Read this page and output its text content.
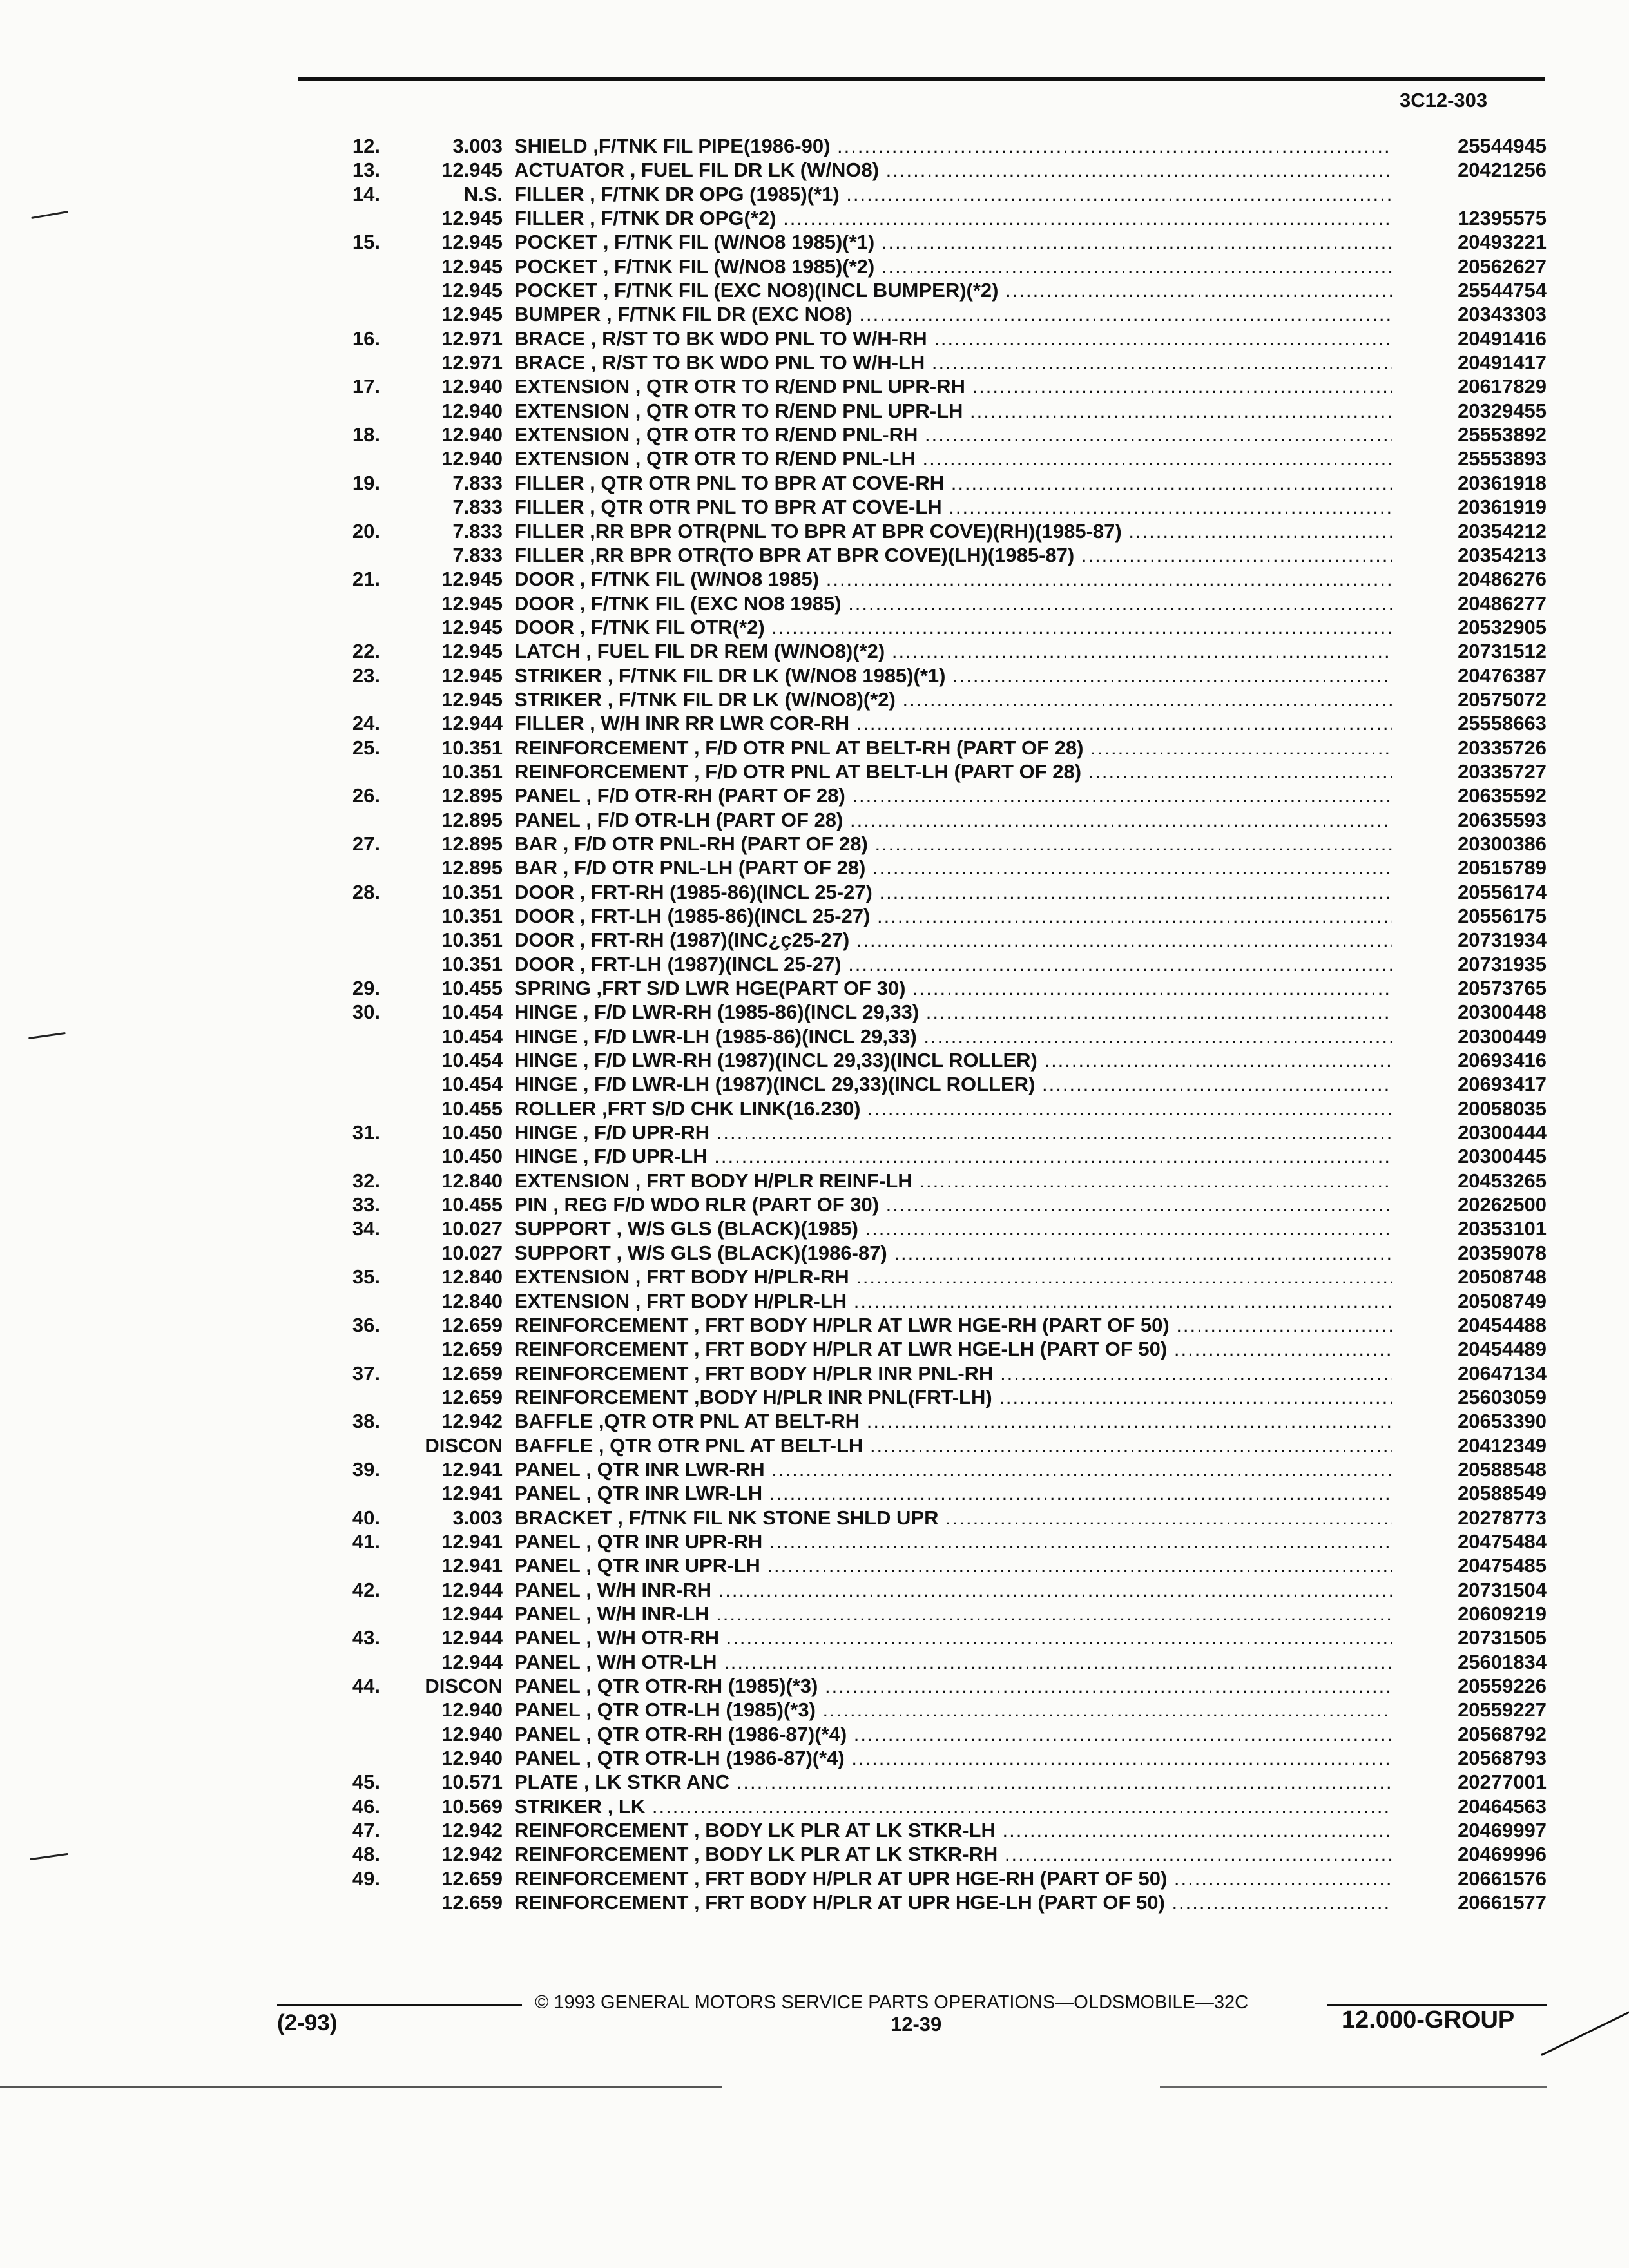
3C12-303
12.	3.003 SHIELD ,F/TNK FIL PIPE(1986-90) .....	25544945
13.	12.945 ACTUATOR , FUEL FIL DR LK (W/NO8) .....	20421256
14.	N.S. FILLER , F/TNK DR OPG (1985)(*1) .....
12.945 FILLER , F/TNK DR OPG(*2) .....	12395575
15.	12.945 POCKET , F/TNK FIL (W/NO8 1985)(*1) .....	20493221
12.945 POCKET , F/TNK FIL (W/NO8 1985)(*2) .....	20562627
12.945 POCKET , F/TNK FIL (EXC NO8)(INCL BUMPER)(*2) .....	25544754
12.945 BUMPER , F/TNK FIL DR (EXC NO8) .....	20343303
16.	12.971 BRACE , R/ST TO BK WDO PNL TO W/H-RH .....	20491416
12.971 BRACE , R/ST TO BK WDO PNL TO W/H-LH .....	20491417
17.	12.940 EXTENSION , QTR OTR TO R/END PNL UPR-RH .....	20617829
12.940 EXTENSION , QTR OTR TO R/END PNL UPR-LH .....	20329455
18.	12.940 EXTENSION , QTR OTR TO R/END PNL-RH .....	25553892
12.940 EXTENSION , QTR OTR TO R/END PNL-LH .....	25553893
19.	7.833 FILLER , QTR OTR PNL TO BPR AT COVE-RH .....	20361918
7.833 FILLER , QTR OTR PNL TO BPR AT COVE-LH .....	20361919
20.	7.833 FILLER ,RR BPR OTR(PNL TO BPR AT BPR COVE)(RH)(1985-87) .....	20354212
7.833 FILLER ,RR BPR OTR(TO BPR AT BPR COVE)(LH)(1985-87) .....	20354213
21.	12.945 DOOR , F/TNK FIL (W/NO8 1985) .....	20486276
12.945 DOOR , F/TNK FIL (EXC NO8 1985) .....	20486277
12.945 DOOR , F/TNK FIL OTR(*2) .....	20532905
22.	12.945 LATCH , FUEL FIL DR REM (W/NO8)(*2) .....	20731512
23.	12.945 STRIKER , F/TNK FIL DR LK (W/NO8 1985)(*1) .....	20476387
12.945 STRIKER , F/TNK FIL DR LK (W/NO8)(*2) .....	20575072
24.	12.944 FILLER , W/H INR RR LWR COR-RH .....	25558663
25.	10.351 REINFORCEMENT , F/D OTR PNL AT BELT-RH (PART OF 28) .....	20335726
10.351 REINFORCEMENT , F/D OTR PNL AT BELT-LH (PART OF 28) .....	20335727
26.	12.895 PANEL , F/D OTR-RH (PART OF 28) .....	20635592
12.895 PANEL , F/D OTR-LH (PART OF 28) .....	20635593
27.	12.895 BAR , F/D OTR PNL-RH (PART OF 28) .....	20300386
12.895 BAR , F/D OTR PNL-LH (PART OF 28) .....	20515789
28.	10.351 DOOR , FRT-RH (1985-86)(INCL 25-27) .....	20556174
10.351 DOOR , FRT-LH (1985-86)(INCL 25-27) .....	20556175
10.351 DOOR , FRT-RH (1987)(INC¿ç25-27) .....	20731934
10.351 DOOR , FRT-LH (1987)(INCL 25-27) .....	20731935
29.	10.455 SPRING ,FRT S/D LWR HGE(PART OF 30) .....	20573765
30.	10.454 HINGE , F/D LWR-RH (1985-86)(INCL 29,33) .....	20300448
10.454 HINGE , F/D LWR-LH (1985-86)(INCL 29,33) .....	20300449
10.454 HINGE , F/D LWR-RH (1987)(INCL 29,33)(INCL ROLLER) .....	20693416
10.454 HINGE , F/D LWR-LH (1987)(INCL 29,33)(INCL ROLLER) .....	20693417
10.455 ROLLER ,FRT S/D CHK LINK(16.230) .....	20058035
31.	10.450 HINGE , F/D UPR-RH .....	20300444
10.450 HINGE , F/D UPR-LH .....	20300445
32.	12.840 EXTENSION , FRT BODY H/PLR REINF-LH .....	20453265
33.	10.455 PIN , REG F/D WDO RLR (PART OF 30) .....	20262500
34.	10.027 SUPPORT , W/S GLS (BLACK)(1985) .....	20353101
10.027 SUPPORT , W/S GLS (BLACK)(1986-87) .....	20359078
35.	12.840 EXTENSION , FRT BODY H/PLR-RH .....	20508748
12.840 EXTENSION , FRT BODY H/PLR-LH .....	20508749
36.	12.659 REINFORCEMENT , FRT BODY H/PLR AT LWR HGE-RH (PART OF 50) .....	20454488
12.659 REINFORCEMENT , FRT BODY H/PLR AT LWR HGE-LH (PART OF 50) .....	20454489
37.	12.659 REINFORCEMENT , FRT BODY H/PLR INR PNL-RH .....	20647134
12.659 REINFORCEMENT ,BODY H/PLR INR PNL(FRT-LH) .....	25603059
38.	12.942 BAFFLE ,QTR OTR PNL AT BELT-RH .....	20653390
DISCON BAFFLE , QTR OTR PNL AT BELT-LH .....	20412349
39.	12.941 PANEL , QTR INR LWR-RH .....	20588548
12.941 PANEL , QTR INR LWR-LH .....	20588549
40.	3.003 BRACKET , F/TNK FIL NK STONE SHLD UPR .....	20278773
41.	12.941 PANEL , QTR INR UPR-RH .....	20475484
12.941 PANEL , QTR INR UPR-LH .....	20475485
42.	12.944 PANEL , W/H INR-RH .....	20731504
12.944 PANEL , W/H INR-LH .....	20609219
43.	12.944 PANEL , W/H OTR-RH .....	20731505
12.944 PANEL , W/H OTR-LH .....	25601834
44.	DISCON PANEL , QTR OTR-RH (1985)(*3) .....	20559226
12.940 PANEL , QTR OTR-LH (1985)(*3) .....	20559227
12.940 PANEL , QTR OTR-RH (1986-87)(*4) .....	20568792
12.940 PANEL , QTR OTR-LH (1986-87)(*4) .....	20568793
45.	10.571 PLATE , LK STKR ANC .....	20277001
46.	10.569 STRIKER , LK .....	20464563
47.	12.942 REINFORCEMENT , BODY LK PLR AT LK STKR-LH .....	20469997
48.	12.942 REINFORCEMENT , BODY LK PLR AT LK STKR-RH .....	20469996
49.	12.659 REINFORCEMENT , FRT BODY H/PLR AT UPR HGE-RH (PART OF 50) .....	20661576
12.659 REINFORCEMENT , FRT BODY H/PLR AT UPR HGE-LH (PART OF 50) .....	20661577
© 1993 GENERAL MOTORS SERVICE PARTS OPERATIONS—OLDSMOBILE—32C
(2-93)	12-39	12.000-GROUP
